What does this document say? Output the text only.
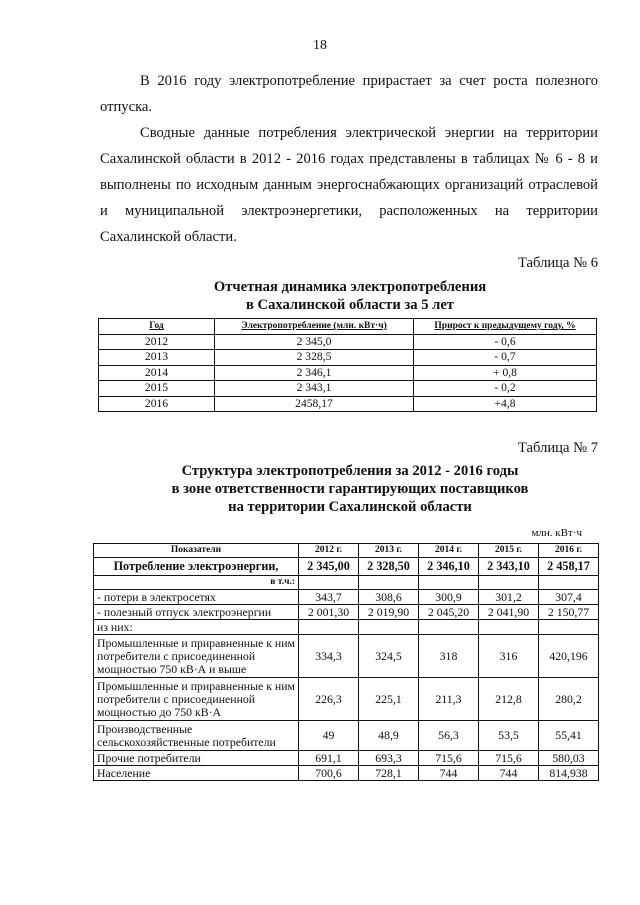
18

В 2016 году электропотребление прирастает за счет роста полезного отпуска.

Сводные данные потребления электрической энергии на территории Сахалинской области в 2012 - 2016 годах представлены в таблицах № 6 - 8 и выполнены по исходным данным энергоснабжающих организаций отраслевой и муниципальной электроэнергетики, расположенных на территории Сахалинской области.

Таблица № 6
Отчетная динамика электропотребления
в Сахалинской области за 5 лет
Год	Электропотребление (млн. кВт·ч)	Прирост к предыдущему году, %
2012	2 345,0	- 0,6
2013	2 328,5	- 0,7
2014	2 346,1	+ 0,8
2015	2 343,1	- 0,2
2016	2458,17	+4,8
Таблица № 7
Структура электропотребления за 2012 - 2016 годы
в зоне ответственности гарантирующих поставщиков
на территории Сахалинской области
млн. кВт·ч
Показатели	2012 г.	2013 г.	2014 г.	2015 г.	2016 г.
Потребление электроэнергии,	2 345,00	2 328,50	2 346,10	2 343,10	2 458,17
в т.ч.:					
- потери в электросетях	343,7	308,6	300,9	301,2	307,4
- полезный отпуск электроэнергии	2 001,30	2 019,90	2 045,20	2 041,90	2 150,77
из них:					
Промышленные и приравненные к ним потребители с присоединенной мощностью 750 кВ·А и выше	334,3	324,5	318	316	420,196
Промышленные и приравненные к ним потребители с присоединенной мощностью до 750 кВ·А	226,3	225,1	211,3	212,8	280,2
Производственные сельскохозяйственные потребители	49	48,9	56,3	53,5	55,41
Прочие потребители	691,1	693,3	715,6	715,6	580,03
Население	700,6	728,1	744	744	814,938
